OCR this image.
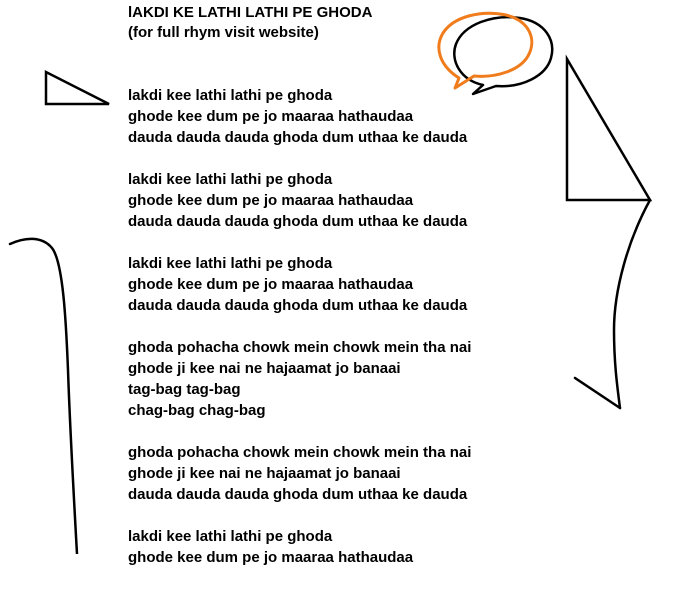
lAKDI KE LATHI LATHI PE GHODA
(for full rhym visit website)
lakdi kee lathi lathi pe ghoda
ghode kee dum pe jo maaraa hathaudaa
dauda dauda dauda ghoda dum uthaa ke dauda
lakdi kee lathi lathi pe ghoda
ghode kee dum pe jo maaraa hathaudaa
dauda dauda dauda ghoda dum uthaa ke dauda
lakdi kee lathi lathi pe ghoda
ghode kee dum pe jo maaraa hathaudaa
dauda dauda dauda ghoda dum uthaa ke dauda
ghoda pohacha chowk mein chowk mein tha nai
ghode ji kee nai ne hajaamat jo banaai
tag-bag tag-bag
chag-bag chag-bag
ghoda pohacha chowk mein chowk mein tha nai
ghode ji kee nai ne hajaamat jo banaai
dauda dauda dauda ghoda dum uthaa ke dauda
lakdi kee lathi lathi pe ghoda
ghode kee dum pe jo maaraa hathaudaa
